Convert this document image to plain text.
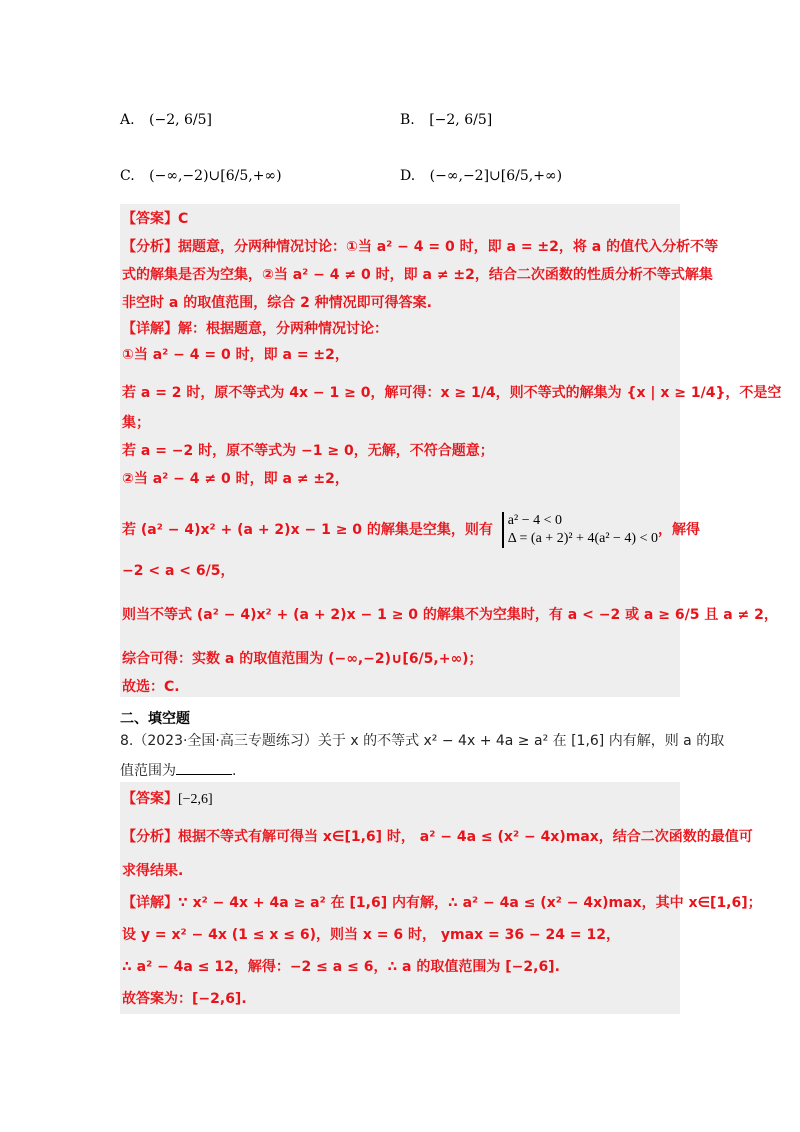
A. (−2, 6/5]	B. [−2, 6/5]
C. (−∞,−2)∪[6/5,+∞)	D. (−∞,−2]∪[6/5,+∞)
【答案】C
【分析】据题意，分两种情况讨论：①当 a² − 4 = 0 时，即 a = ±2，将 a 的值代入分析不等
式的解集是否为空集，②当 a² − 4 ≠ 0 时，即 a ≠ ±2，结合二次函数的性质分析不等式解集
非空时 a 的取值范围，综合 2 种情况即可得答案.
【详解】解：根据题意，分两种情况讨论：
①当 a² − 4 = 0 时，即 a = ±2，
若 a = 2 时，原不等式为 4x − 1 ≥ 0，解可得：x ≥ 1/4，则不等式的解集为 {x | x ≥ 1/4}，不是空
集；
若 a = −2 时，原不等式为 −1 ≥ 0，无解，不符合题意；
②当 a² − 4 ≠ 0 时，即 a ≠ ±2，
若 (a² − 4)x² + (a + 2)x − 1 ≥ 0 的解集是空集，则有
a² − 4 < 0
Δ = (a + 2)² + 4(a² − 4) < 0
，解得
−2 < a < 6/5，
则当不等式 (a² − 4)x² + (a + 2)x − 1 ≥ 0 的解集不为空集时，有 a < −2 或 a ≥ 6/5 且 a ≠ 2，
综合可得：实数 a 的取值范围为 (−∞,−2)∪[6/5,+∞)；
故选：C.
二、填空题
8.（2023·全国·高三专题练习）关于 x 的不等式 x² − 4x + 4a ≥ a² 在 [1,6] 内有解，则 a 的取
值范围为	.
【答案】[−2,6]
【分析】根据不等式有解可得当 x∈[1,6] 时， a² − 4a ≤ (x² − 4x)max，结合二次函数的最值可
求得结果.
【详解】∵ x² − 4x + 4a ≥ a² 在 [1,6] 内有解，∴ a² − 4a ≤ (x² − 4x)max，其中 x∈[1,6]；
设 y = x² − 4x (1 ≤ x ≤ 6)，则当 x = 6 时， ymax = 36 − 24 = 12，
∴ a² − 4a ≤ 12，解得：−2 ≤ a ≤ 6，∴ a 的取值范围为 [−2,6].
故答案为：[−2,6].
